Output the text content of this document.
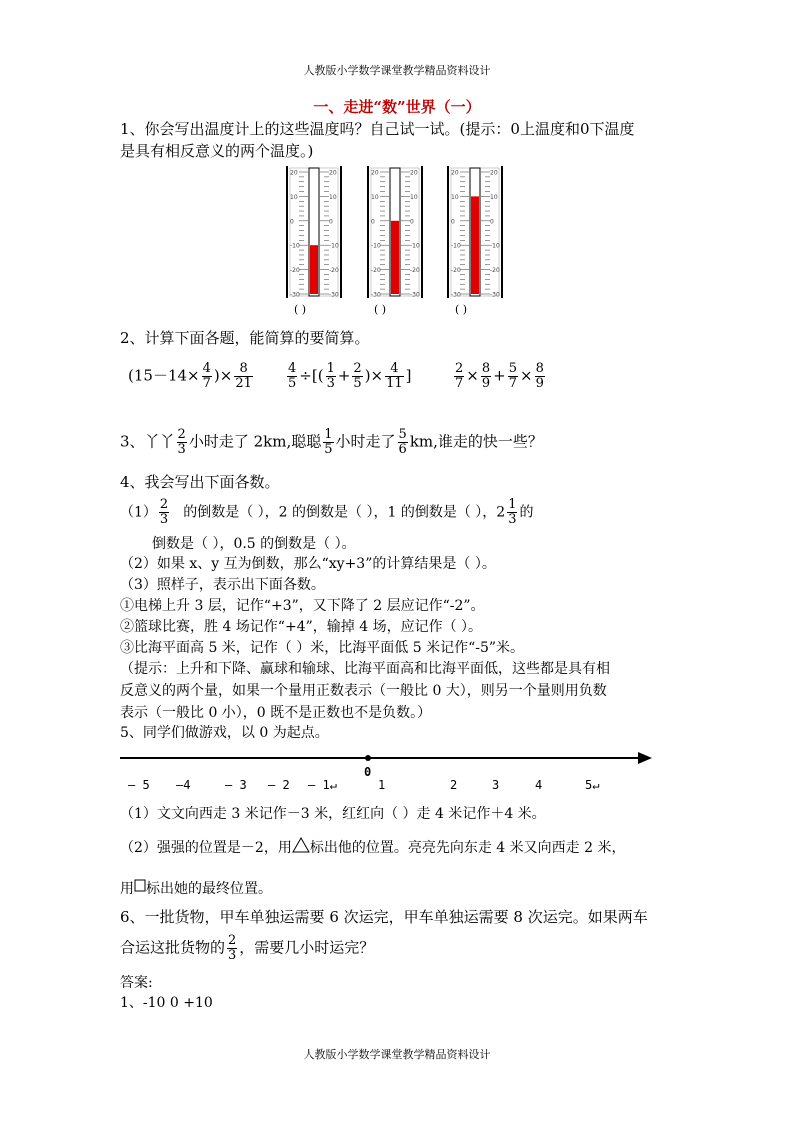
人教版小学数学课堂教学精品资料设计
一、走进“数”世界（一）
1、你会写出温度计上的这些温度吗？自己试一试。(提示：0上温度和0下温度
是具有相反意义的两个温度。)
20	20
10	10
0	0
-10	-10
-20	-20
-30	-30
20	20
10	10
0	0
-10	-10
-20	-20
-30	-30
20	20
10	10
0	0
-10	-10
-20	-20
-30	-30
( )	( )	( )
2、计算下面各题，能简算的要简算。
($15-14\times \frac{4}{7}$ )× $\frac{8}{21}$	$\frac{4}{5}$ ÷[( $\frac{1}{3} + \frac{2}{5}$ )× $\frac{4}{11}$ ]	$\frac{2}{7} \times \frac{8}{9} + \frac{5}{7} \times \frac{8}{9}$
3、丫丫 $\frac{2}{3}$ 小时走了 2km,聪聪 $\frac{1}{5}$ 小时走了 $\frac{5}{6}$ km,谁走的快一些？
4、我会写出下面各数。
$(1) \frac{2}{3}$ 的倒数是（ ），2 的倒数是（ ），1 的倒数是（ ），$2 \frac{1}{3}$ 的
倒数是（ ），0.5 的倒数是（ ）。
（2）如果 x、y 互为倒数，那么“xy+3”的计算结果是（ ）。
（3）照样子，表示出下面各数。
①电梯上升 3 层，记作“+3”，又下降了 2 层应记作“-2”。
②篮球比赛，胜 4 场记作“+4”，输掉 4 场，应记作（ ）。
③比海平面高 5 米，记作（ ）米，比海平面低 5 米记作“-5”米。
（提示：上升和下降、赢球和输球、比海平面高和比海平面低，这些都是具有相
反意义的两个量，如果一个量用正数表示（一般比 0 大），则另一个量则用负数
表示（一般比 0 小），0 既不是正数也不是负数。）
5、同学们做游戏，以 0 为起点。
— 5 —4	— 3 — 2 — 1↵
0
1	2	3	4	5↵
（1）文文向西走 3 米记作－3 米，红红向（ ）走 4 米记作＋4 米。
（2）强强的位置是－2，用 标出他的位置。亮亮先向东走 4 米又向西走 2 米，
用 标出她的最终位置。
6、一批货物，甲车单独运需要 6 次运完，甲车单独运需要 8 次运完。如果两车
合运这批货物的 $\frac{2}{3}$ ，需要几小时运完？
答案:
1、-10 0 +10
人教版小学数学课堂教学精品资料设计
